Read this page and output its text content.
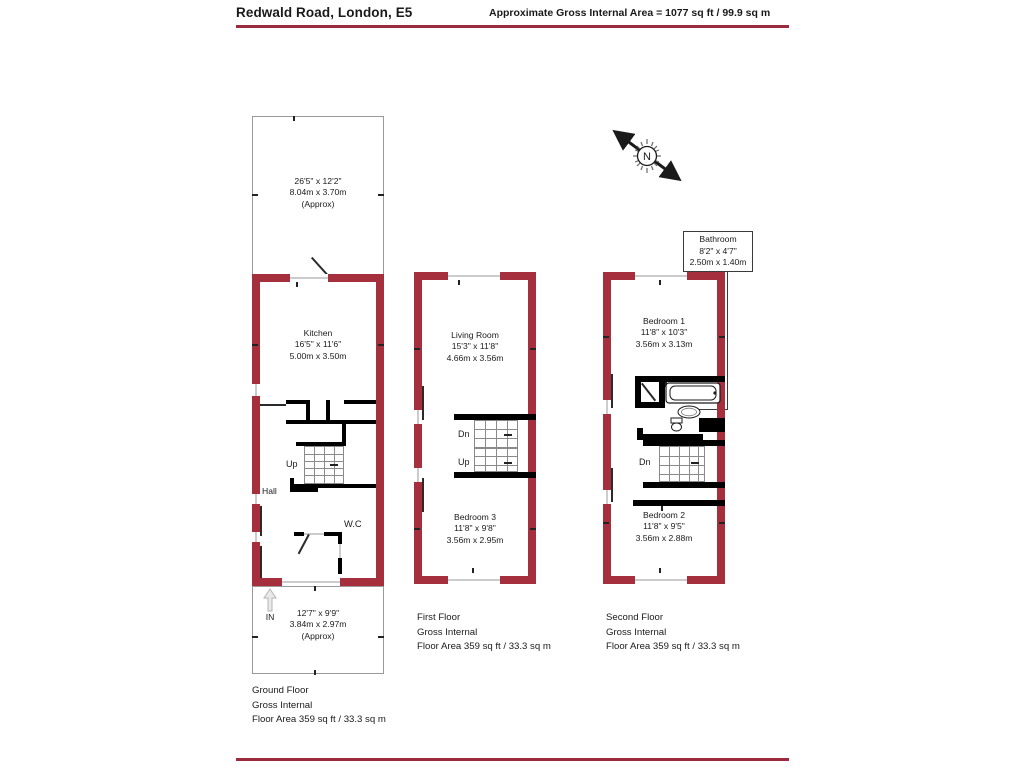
Redwald Road, London, E5	Approximate Gross Internal Area = 1077 sq ft / 99.9 sq m
N
26'5" x 12'2"
8.04m x 3.70m
(Approx)
Kitchen
16'5" x 11'6"
5.00m x 3.50m
Up
Hall
W.C
IN	12'7" x 9'9"
3.84m x 2.97m
(Approx)
Ground Floor
Gross Internal
Floor Area 359 sq ft / 33.3 sq m
Living Room
15'3" x 11'8"
4.66m x 3.56m
Dn
Up
Bedroom 3
11'8" x 9'8"
3.56m x 2.95m
First Floor
Gross Internal
Floor Area 359 sq ft / 33.3 sq m
Bathroom
8'2" x 4'7"
2.50m x 1.40m
Bedroom 1
11'8" x 10'3"
3.56m x 3.13m
Dn
Bedroom 2
11'8" x 9'5"
3.56m x 2.88m
Second Floor
Gross Internal
Floor Area 359 sq ft / 33.3 sq m
